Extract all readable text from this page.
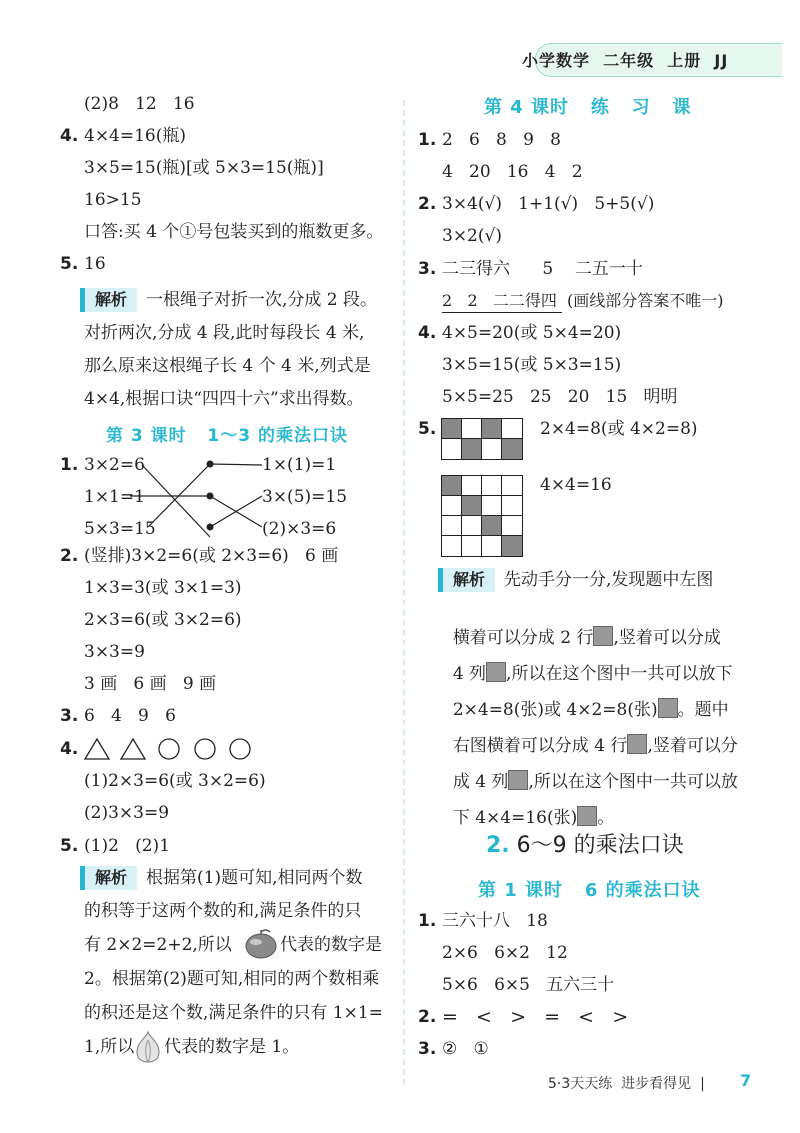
小学数学  二年级  上册  JJ
(2)8   12   16
4. 4×4=16(瓶)
3×5=15(瓶)[或 5×3=15(瓶)]
16>15
口答:买 4 个①号包装买到的瓶数更多。
5. 16
解析	一根绳子对折一次,分成 2 段。
对折两次,分成 4 段,此时每段长 4 米,
那么原来这根绳子长 4 个 4 米,列式是
4×4,根据口诀“四四十六”求出得数。
第 3 课时   1～3 的乘法口诀
1. 3×2=6
1×1=1
5×3=15
1×(1)=1
3×(5)=15
(2)×3=6
2. (竖排)3×2=6(或 2×3=6)   6 画
1×3=3(或 3×1=3)
2×3=6(或 3×2=6)
3×3=9
3 画   6 画   9 画
3. 6   4   9   6
4.
(1)2×3=6(或 3×2=6)
(2)3×3=9
5. (1)2   (2)1
解析	根据第(1)题可知,相同两个数
的积等于这两个数的和,满足条件的只
有 2×2=2+2,所以	代表的数字是
2。根据第(2)题可知,相同的两个数相乘
的积还是这个数,满足条件的只有 1×1=
1,所以 代表的数字是 1。
第 4 课时   练   习   课
1. 2   6   8   9   8
4   20   16   4   2
2. 3×4(√)   1+1(√)   5+5(√)
3×2(√)
3. 二三得六      5    二五一十
2   2   二二得四  (画线部分答案不唯一)
4. 4×5=20(或 5×4=20)
3×5=15(或 5×3=15)
5×5=25   25   20   15   明明
5.	2×4=8(或 4×2=8)
4×4=16
解析	先动手分一分,发现题中左图

横着可以分成 2 行 ,竖着可以分成

4 列 ,所以在这个图中一共可以放下

2×4=8(张)或 4×2=8(张) 。题中

右图横着可以分成 4 行 ,竖着可以分

成 4 列 ,所以在这个图中一共可以放

下 4×4=16(张) 。

2. 6～9 的乘法口诀
第 1 课时   6 的乘法口诀
1. 三六十八   18
2×6   6×2   12
5×6   6×5   五六三十
2. =   <   >   =   <   >
3. ②   ①
5·3天天练  进步看得见  | 7
